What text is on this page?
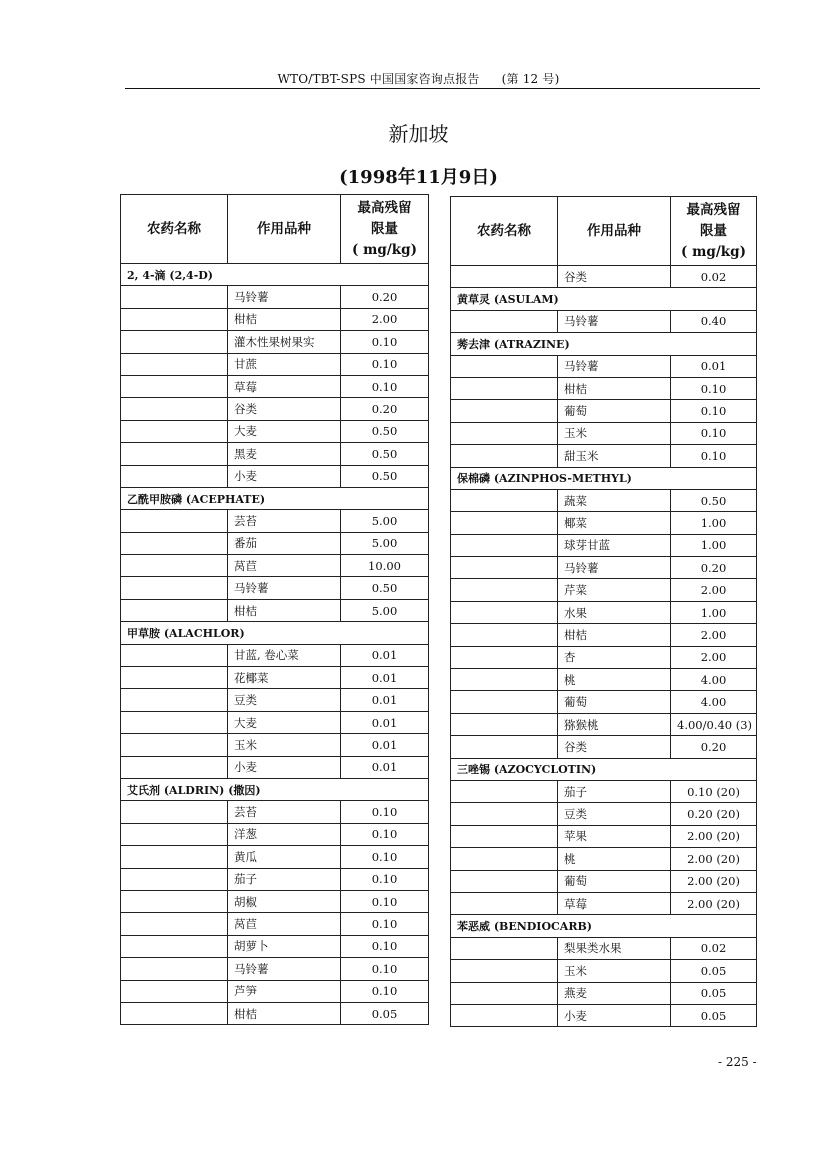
WTO/TBT-SPS 中国国家咨询点报告 (第 12 号)
新加坡
(1998年11月9日)
农药名称	作用品种	最高残留
限量
( mg/kg)
2, 4-滴 (2,4-D)		
	马铃薯	0.20
	柑桔	2.00
	灌木性果树果实	0.10
	甘蔗	0.10
	草莓	0.10
	谷类	0.20
	大麦	0.50
	黑麦	0.50
	小麦	0.50
乙酰甲胺磷 (ACEPHATE)		
	芸苔	5.00
	番茄	5.00
	莴苣	10.00
	马铃薯	0.50
	柑桔	5.00
甲草胺 (ALACHLOR)		
	甘蓝, 卷心菜	0.01
	花椰菜	0.01
	豆类	0.01
	大麦	0.01
	玉米	0.01
	小麦	0.01
艾氏剂 (ALDRIN) (撒因)		
	芸苔	0.10
	洋葱	0.10
	黄瓜	0.10
	茄子	0.10
	胡椒	0.10
	莴苣	0.10
	胡萝卜	0.10
	马铃薯	0.10
	芦笋	0.10
	柑桔	0.05
农药名称	作用品种	最高残留
限量
( mg/kg)
	谷类	0.02
黄草灵 (ASULAM)		
	马铃薯	0.40
莠去津 (ATRAZINE)		
	马铃薯	0.01
	柑桔	0.10
	葡萄	0.10
	玉米	0.10
	甜玉米	0.10
保棉磷 (AZINPHOS-METHYL)		
	蔬菜	0.50
	椰菜	1.00
	球芽甘蓝	1.00
	马铃薯	0.20
	芹菜	2.00
	水果	1.00
	柑桔	2.00
	杏	2.00
	桃	4.00
	葡萄	4.00
	猕猴桃	4.00/0.40 (3)
	谷类	0.20
三唑锡 (AZOCYCLOTIN)		
	茄子	0.10 (20)
	豆类	0.20 (20)
	苹果	2.00 (20)
	桃	2.00 (20)
	葡萄	2.00 (20)
	草莓	2.00 (20)
苯恶威 (BENDIOCARB)		
	梨果类水果	0.02
	玉米	0.05
	燕麦	0.05
	小麦	0.05
- 225 -
